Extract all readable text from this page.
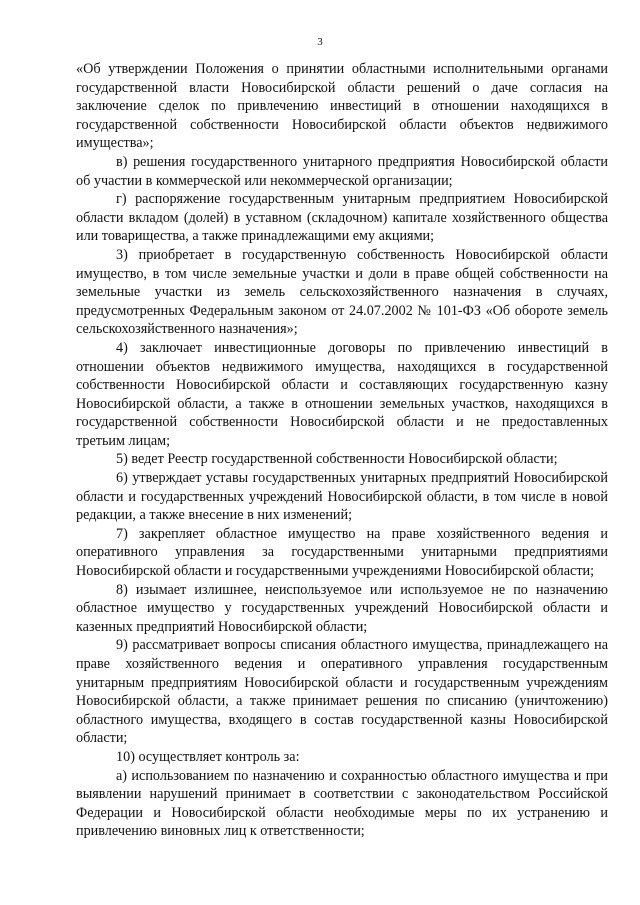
3

«Об утверждении Положения о принятии областными исполнительными органами государственной власти Новосибирской области решений о даче согласия на заключение сделок по привлечению инвестиций в отношении находящихся в государственной собственности Новосибирской области объектов недвижимого имущества»;

в) решения государственного унитарного предприятия Новосибирской области об участии в коммерческой или некоммерческой организации;

г) распоряжение государственным унитарным предприятием Новосибирской области вкладом (долей) в уставном (складочном) капитале хозяйственного общества или товарищества, а также принадлежащими ему акциями;

3) приобретает в государственную собственность Новосибирской области имущество, в том числе земельные участки и доли в праве общей собственности на земельные участки из земель сельскохозяйственного назначения в случаях, предусмотренных Федеральным законом от 24.07.2002 № 101-ФЗ «Об обороте земель сельскохозяйственного назначения»;

4) заключает инвестиционные договоры по привлечению инвестиций в отношении объектов недвижимого имущества, находящихся в государственной собственности Новосибирской области и составляющих государственную казну Новосибирской области, а также в отношении земельных участков, находящихся в государственной собственности Новосибирской области и не предоставленных третьим лицам;

5) ведет Реестр государственной собственности Новосибирской области;

6) утверждает уставы государственных унитарных предприятий Новосибирской области и государственных учреждений Новосибирской области, в том числе в новой редакции, а также внесение в них изменений;

7) закрепляет областное имущество на праве хозяйственного ведения и оперативного управления за государственными унитарными предприятиями Новосибирской области и государственными учреждениями Новосибирской области;

8) изымает излишнее, неиспользуемое или используемое не по назначению областное имущество у государственных учреждений Новосибирской области и казенных предприятий Новосибирской области;

9) рассматривает вопросы списания областного имущества, принадлежащего на праве хозяйственного ведения и оперативного управления государственным унитарным предприятиям Новосибирской области и государственным учреждениям Новосибирской области, а также принимает решения по списанию (уничтожению) областного имущества, входящего в состав государственной казны Новосибирской области;

10) осуществляет контроль за:

а) использованием по назначению и сохранностью областного имущества и при выявлении нарушений принимает в соответствии с законодательством Российской Федерации и Новосибирской области необходимые меры по их устранению и привлечению виновных лиц к ответственности;
